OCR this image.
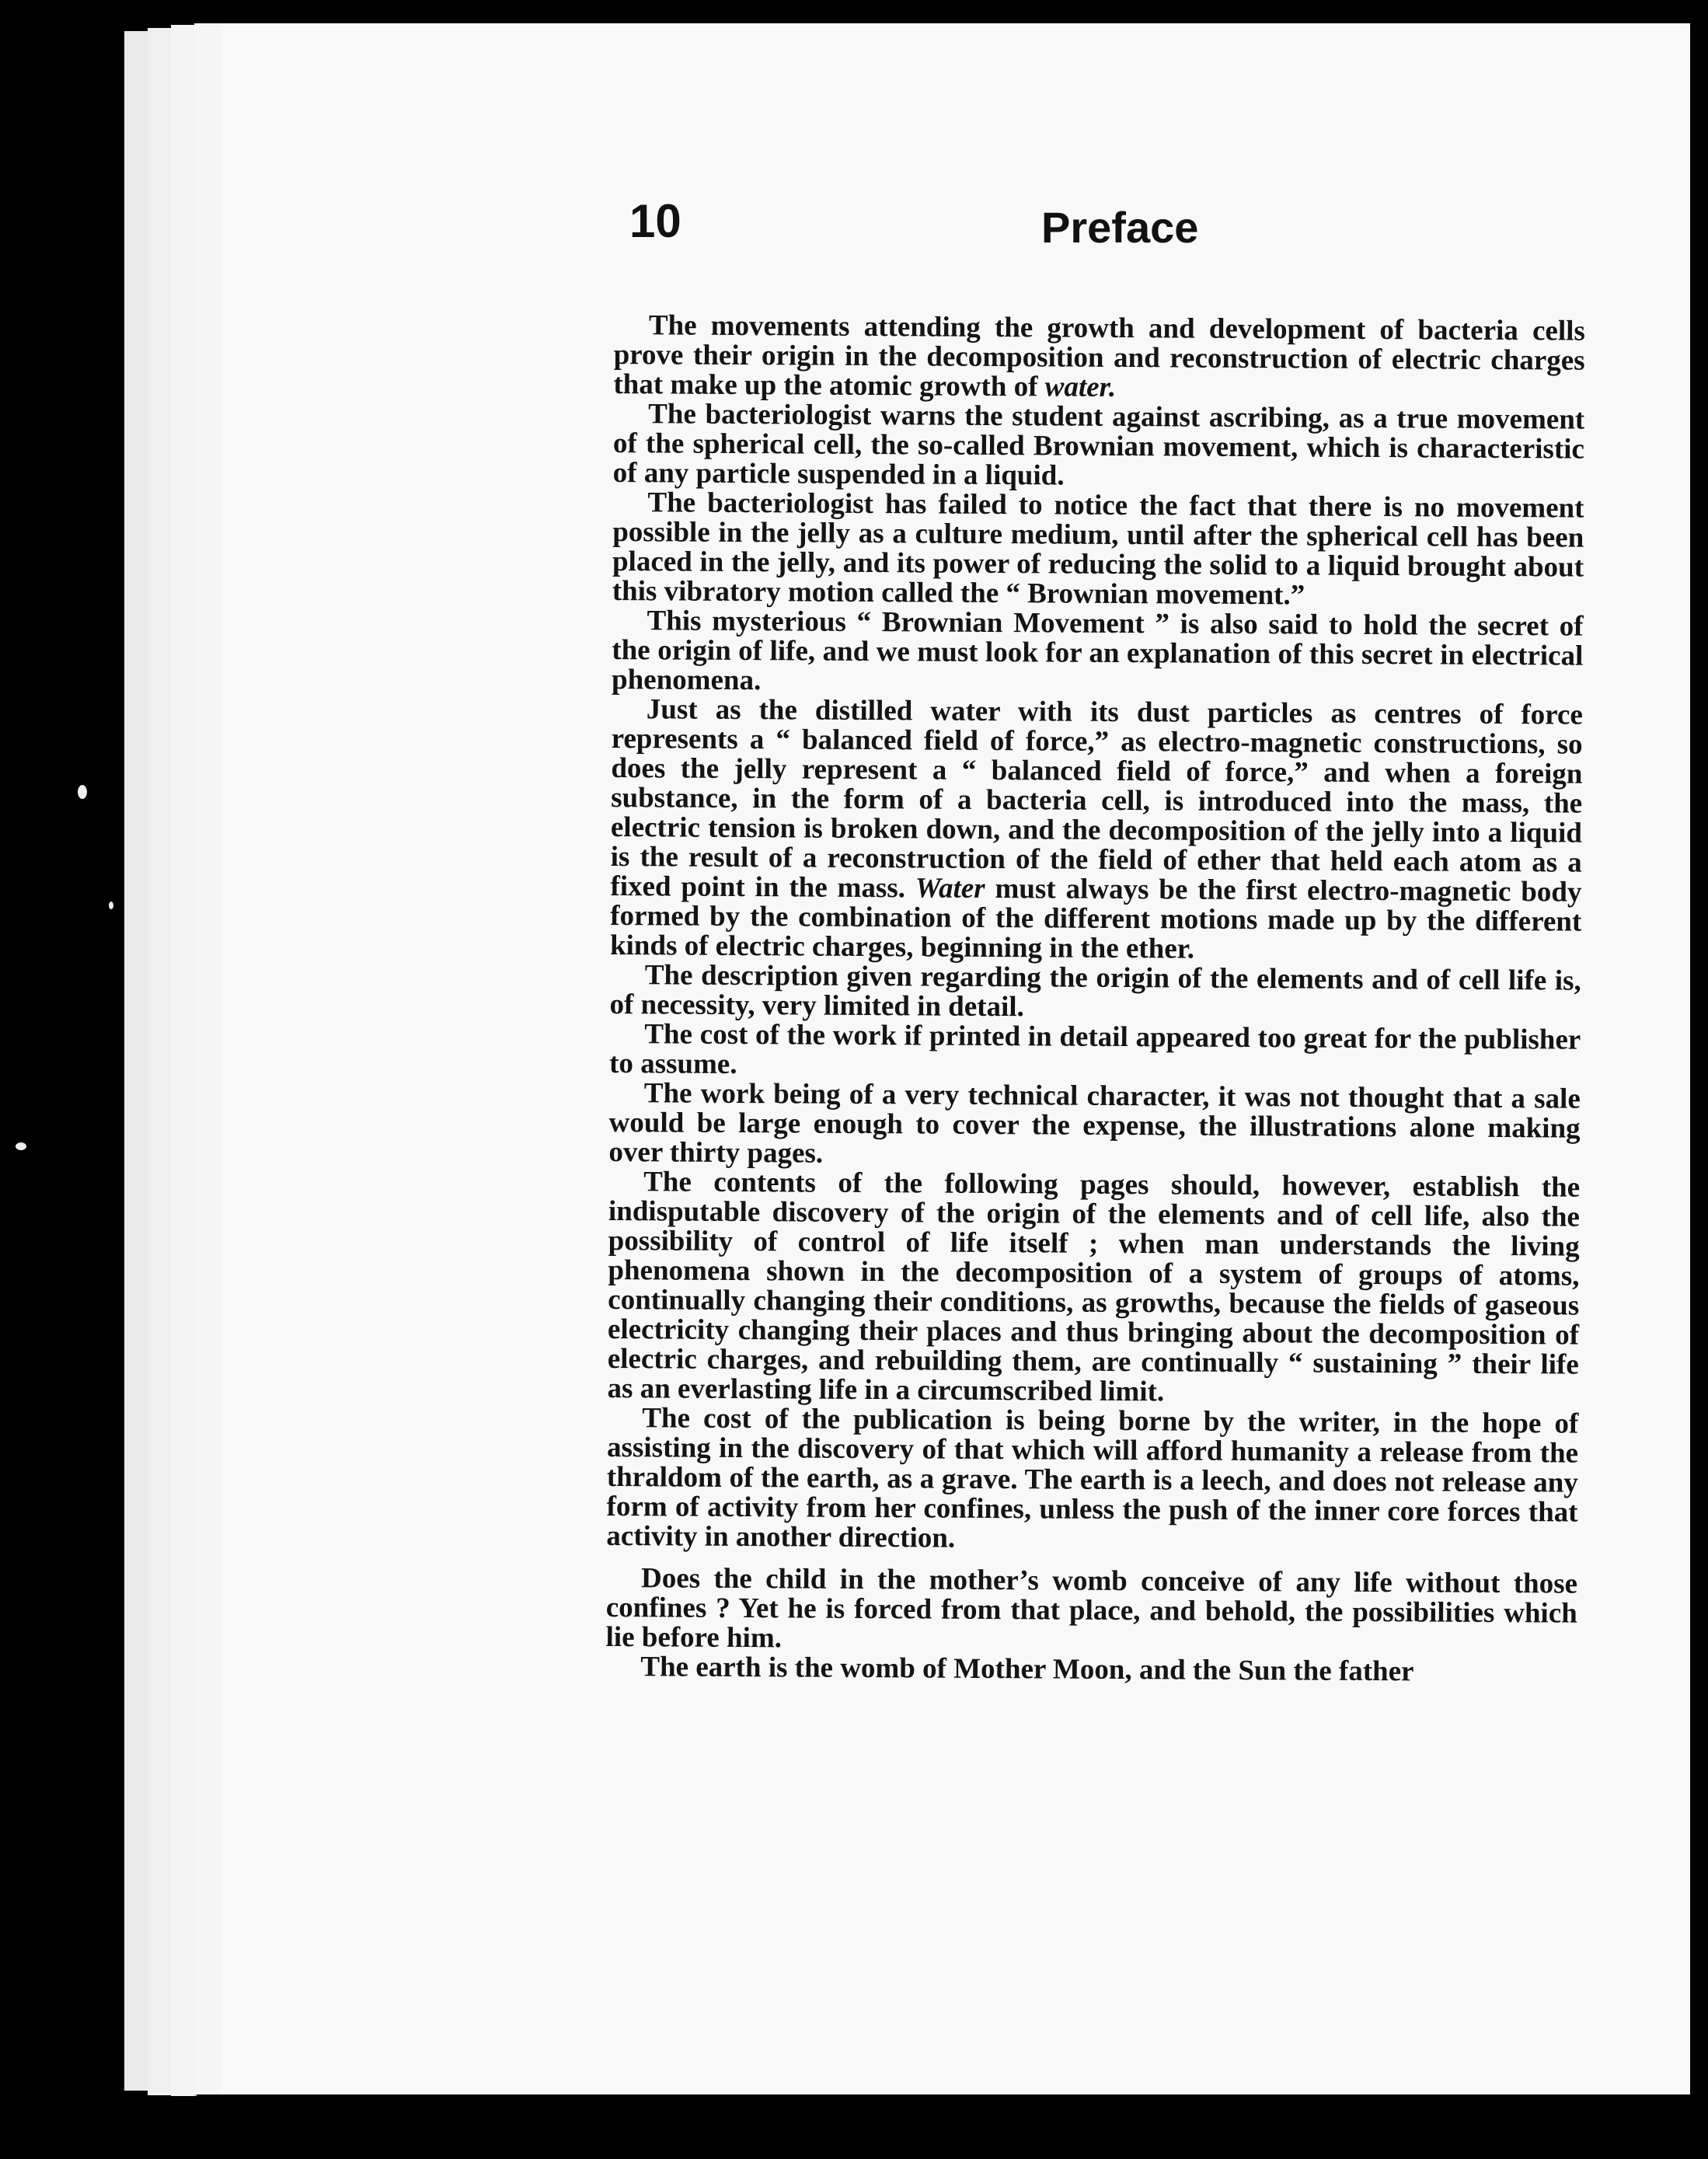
10	Preface

The movements attending the growth and development of bacteria cells prove their origin in the decomposition and reconstruction of electric charges that make up the atomic growth of water.

The bacteriologist warns the student against ascribing, as a true movement of the spherical cell, the so-called Brownian movement, which is characteristic of any particle suspended in a liquid.

The bacteriologist has failed to notice the fact that there is no movement possible in the jelly as a culture medium, until after the spherical cell has been placed in the jelly, and its power of reducing the solid to a liquid brought about this vibratory motion called the “ Brownian movement.”

This mysterious “ Brownian Movement ” is also said to hold the secret of the origin of life, and we must look for an explanation of this secret in electrical phenomena.

Just as the distilled water with its dust particles as centres of force represents a “ balanced field of force,” as electro-magnetic constructions, so does the jelly represent a “ balanced field of force,” and when a foreign substance, in the form of a bacteria cell, is introduced into the mass, the electric tension is broken down, and the decomposition of the jelly into a liquid is the result of a reconstruction of the field of ether that held each atom as a fixed point in the mass. Water must always be the first electro-magnetic body formed by the combination of the different motions made up by the different kinds of electric charges, beginning in the ether.

The description given regarding the origin of the elements and of cell life is, of necessity, very limited in detail.

The cost of the work if printed in detail appeared too great for the publisher to assume.

The work being of a very technical character, it was not thought that a sale would be large enough to cover the expense, the illustrations alone making over thirty pages.

The contents of the following pages should, however, establish the indisputable discovery of the origin of the elements and of cell life, also the possibility of control of life itself ; when man understands the living phenomena shown in the decomposition of a system of groups of atoms, continually changing their conditions, as growths, because the fields of gaseous electricity changing their places and thus bringing about the decomposition of electric charges, and rebuilding them, are continually “ sustaining ” their life as an everlasting life in a circumscribed limit.

The cost of the publication is being borne by the writer, in the hope of assisting in the discovery of that which will afford humanity a release from the thraldom of the earth, as a grave. The earth is a leech, and does not release any form of activity from her confines, unless the push of the inner core forces that activity in another direction.

Does the child in the mother’s womb conceive of any life without those confines ? Yet he is forced from that place, and behold, the possibilities which lie before him.

The earth is the womb of Mother Moon, and the Sun the father
